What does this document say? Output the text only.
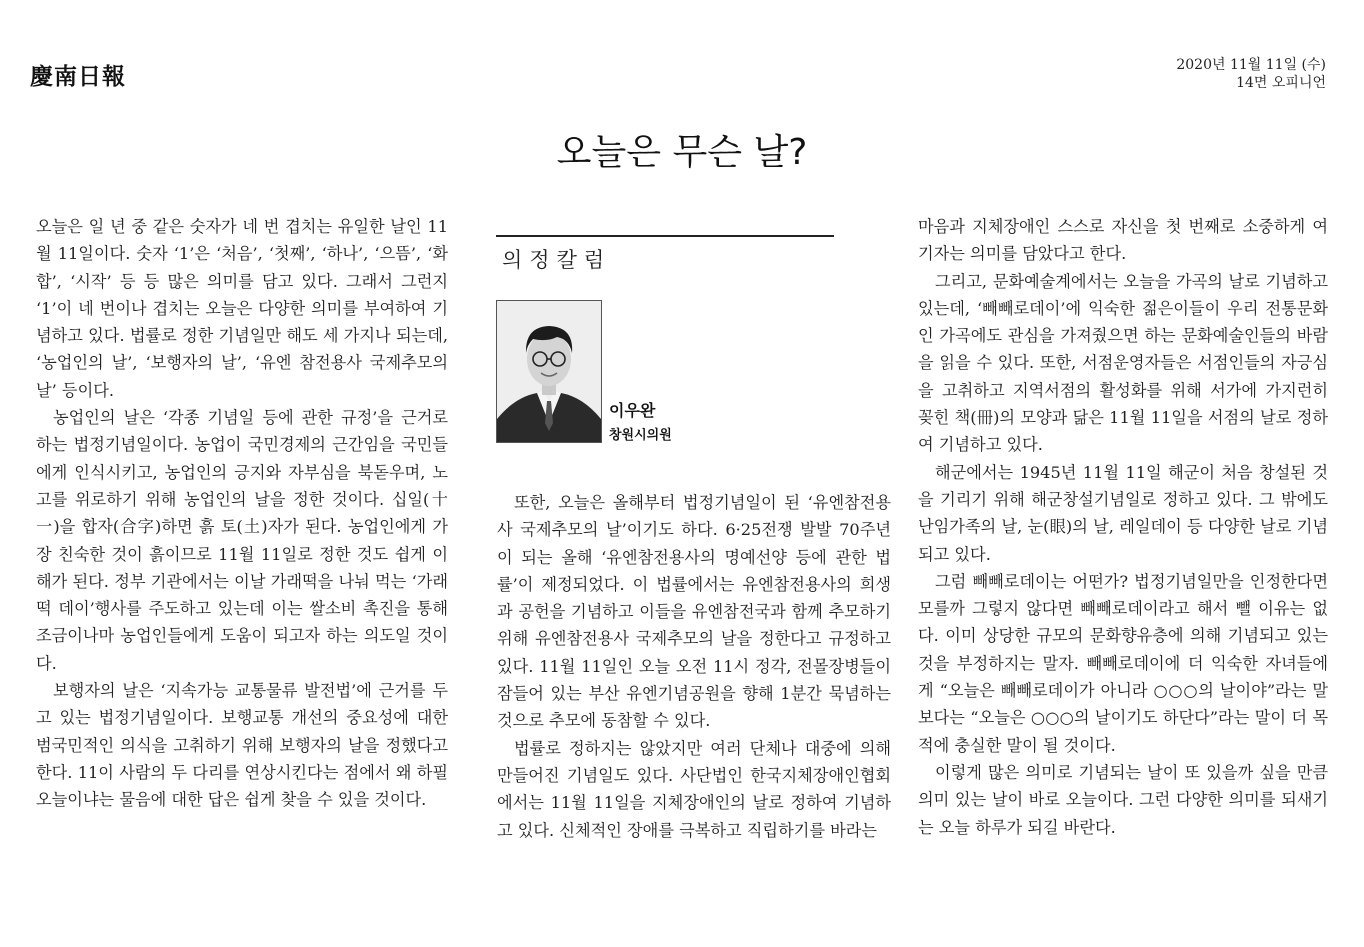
慶南日報	2020년 11월 11일 (수)
14면 오피니언
오늘은 무슨 날?

오늘은 일 년 중 같은 숫자가 네 번 겹치는 유일한 날인 11월 11일이다. 숫자 ‘1’은 ‘처음’, ‘첫째’, ‘하나’, ‘으뜸’, ‘화합’, ‘시작’ 등 등 많은 의미를 담고 있다. 그래서 그런지 ‘1’이 네 번이나 겹치는 오늘은 다양한 의미를 부여하여 기념하고 있다. 법률로 정한 기념일만 해도 세 가지나 되는데, ‘농업인의 날’, ‘보행자의 날’, ‘유엔 참전용사 국제추모의 날’ 등이다.

농업인의 날은 ‘각종 기념일 등에 관한 규정’을 근거로 하는 법정기념일이다. 농업이 국민경제의 근간임을 국민들에게 인식시키고, 농업인의 긍지와 자부심을 북돋우며, 노고를 위로하기 위해 농업인의 날을 정한 것이다. 십일(十一)을 합자(合字)하면 흙 토(土)자가 된다. 농업인에게 가장 친숙한 것이 흙이므로 11월 11일로 정한 것도 쉽게 이해가 된다. 정부 기관에서는 이날 가래떡을 나눠 먹는 ‘가래떡 데이’행사를 주도하고 있는데 이는 쌀소비 촉진을 통해 조금이나마 농업인들에게 도움이 되고자 하는 의도일 것이다.

보행자의 날은 ‘지속가능 교통물류 발전법’에 근거를 두고 있는 법정기념일이다. 보행교통 개선의 중요성에 대한 범국민적인 의식을 고취하기 위해 보행자의 날을 정했다고 한다. 11이 사람의 두 다리를 연상시킨다는 점에서 왜 하필 오늘이냐는 물음에 대한 답은 쉽게 찾을 수 있을 것이다.

의정칼럼
이우완
창원시의원

또한, 오늘은 올해부터 법정기념일이 된 ‘유엔참전용사 국제추모의 날’이기도 하다. 6·25전쟁 발발 70주년이 되는 올해 ‘유엔참전용사의 명예선양 등에 관한 법률’이 제정되었다. 이 법률에서는 유엔참전용사의 희생과 공헌을 기념하고 이들을 유엔참전국과 함께 추모하기 위해 유엔참전용사 국제추모의 날을 정한다고 규정하고 있다. 11월 11일인 오늘 오전 11시 정각, 전몰장병들이 잠들어 있는 부산 유엔기념공원을 향해 1분간 묵념하는 것으로 추모에 동참할 수 있다.

법률로 정하지는 않았지만 여러 단체나 대중에 의해 만들어진 기념일도 있다. 사단법인 한국지체장애인협회에서는 11월 11일을 지체장애인의 날로 정하여 기념하고 있다. 신체적인 장애를 극복하고 직립하기를 바라는

마음과 지체장애인 스스로 자신을 첫 번째로 소중하게 여기자는 의미를 담았다고 한다.

그리고, 문화예술계에서는 오늘을 가곡의 날로 기념하고 있는데, ‘빼빼로데이’에 익숙한 젊은이들이 우리 전통문화인 가곡에도 관심을 가져줬으면 하는 문화예술인들의 바람을 읽을 수 있다. 또한, 서점운영자들은 서점인들의 자긍심을 고취하고 지역서점의 활성화를 위해 서가에 가지런히 꽂힌 책(冊)의 모양과 닮은 11월 11일을 서점의 날로 정하여 기념하고 있다.

해군에서는 1945년 11월 11일 해군이 처음 창설된 것을 기리기 위해 해군창설기념일로 정하고 있다. 그 밖에도 난임가족의 날, 눈(眼)의 날, 레일데이 등 다양한 날로 기념되고 있다.

그럼 빼빼로데이는 어떤가? 법정기념일만을 인정한다면 모를까 그렇지 않다면 빼빼로데이라고 해서 뺄 이유는 없다. 이미 상당한 규모의 문화향유층에 의해 기념되고 있는 것을 부정하지는 말자. 빼빼로데이에 더 익숙한 자녀들에게 “오늘은 빼빼로데이가 아니라 ○○○의 날이야”라는 말보다는 “오늘은 ○○○의 날이기도 하단다”라는 말이 더 목적에 충실한 말이 될 것이다.

이렇게 많은 의미로 기념되는 날이 또 있을까 싶을 만큼 의미 있는 날이 바로 오늘이다. 그런 다양한 의미를 되새기는 오늘 하루가 되길 바란다.
